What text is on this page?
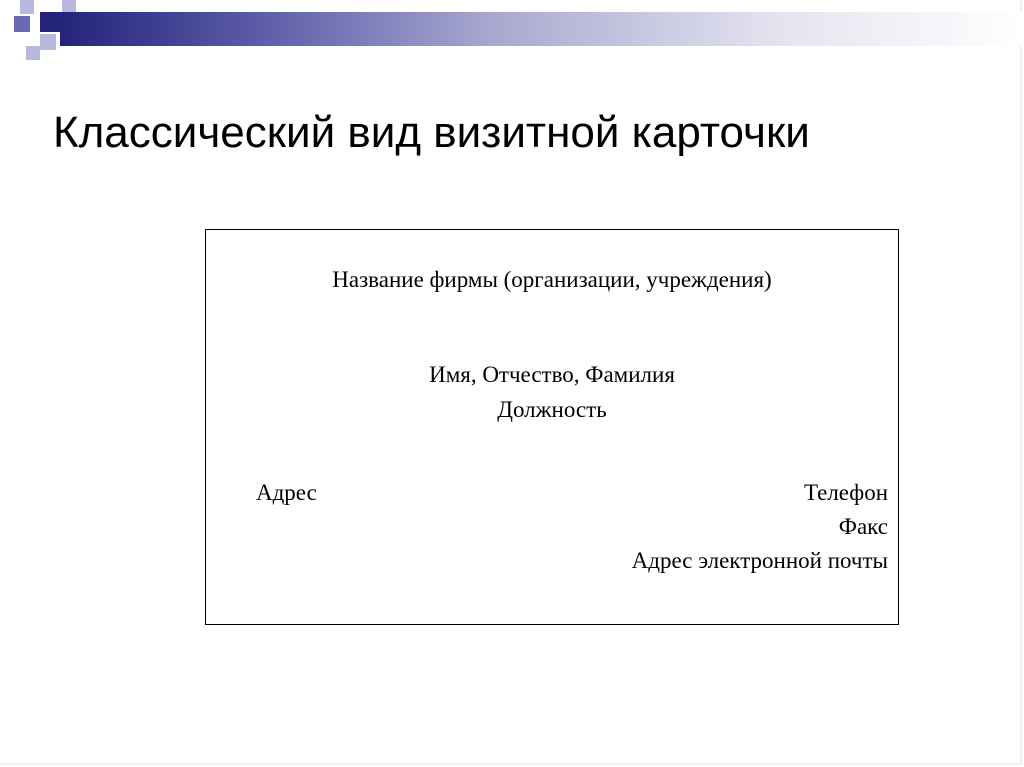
Классический вид визитной карточки

Название фирмы (организации, учреждения)

Имя, Отчество, Фамилия

Должность

Адрес	Телефон

Факс

Адрес электронной почты
